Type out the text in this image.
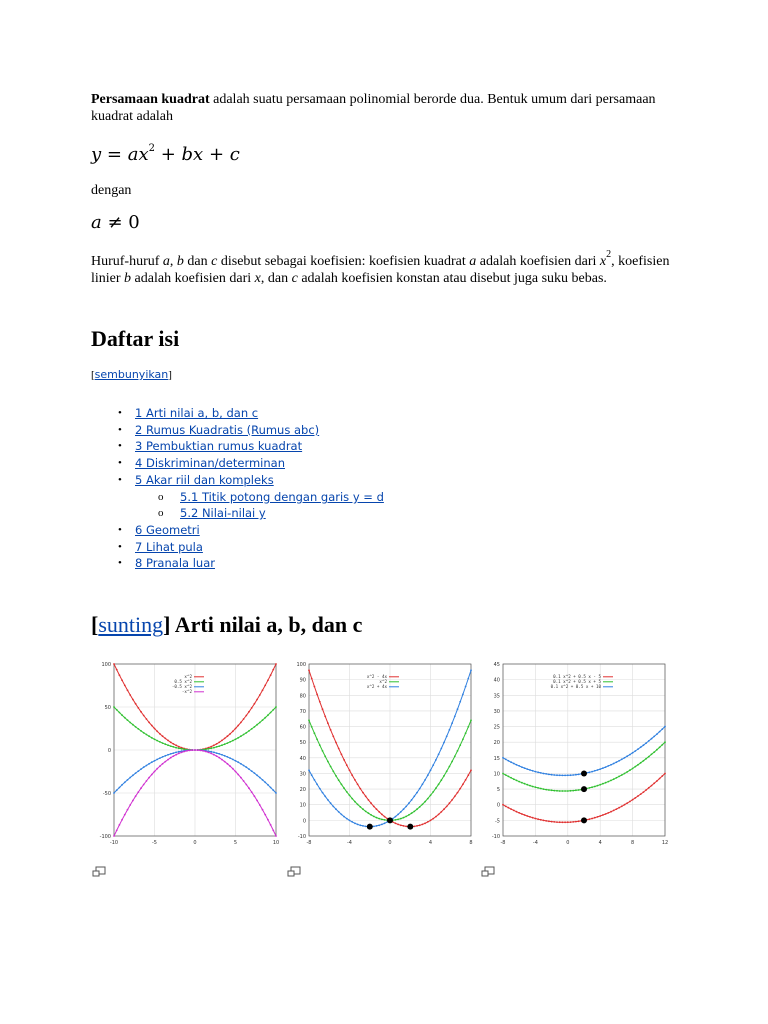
Persamaan kuadrat adalah suatu persamaan polinomial berorde dua. Bentuk umum dari persamaan kuadrat adalah

$y = ax^2$ + bx + c

dengan

a ≠ 0

Huruf-huruf a, b dan c disebut sebagai koefisien: koefisien kuadrat a adalah koefisien dari $x^2$, koefisien linier b adalah koefisien dari x, dan c adalah koefisien konstan atau disebut juga suku bebas.

Daftar isi
[sembunyikan]
• 1 Arti nilai a, b, dan c
• 2 Rumus Kuadratis (Rumus abc)
• 3 Pembuktian rumus kuadrat
• 4 Diskriminan/determinan
• 5 Akar riil dan kompleks
o 5.1 Titik potong dengan garis y = d
o 5.2 Nilai-nilai y
• 6 Geometri
• 7 Lihat pula
• 8 Pranala luar
[sunting] Arti nilai a, b, dan c
100
50
0
-50
-100
-10	-5	0	5	10
x^2
0.5 x^2
-0.5 x^2
-x^2
100
90
80
70
60
50
40
30
20
10
0
-10
-8	-4	0	4	8
x^2 - 4x
x^2
x^2 + 4x
45
40
35
30
25
20
15
10
5
0
-5
-10
-8	-4	0	4	8	12
0.1 x^2 + 0.5 x - 5
0.1 x^2 + 0.5 x + 5
0.1 x^2 + 0.5 x + 10
